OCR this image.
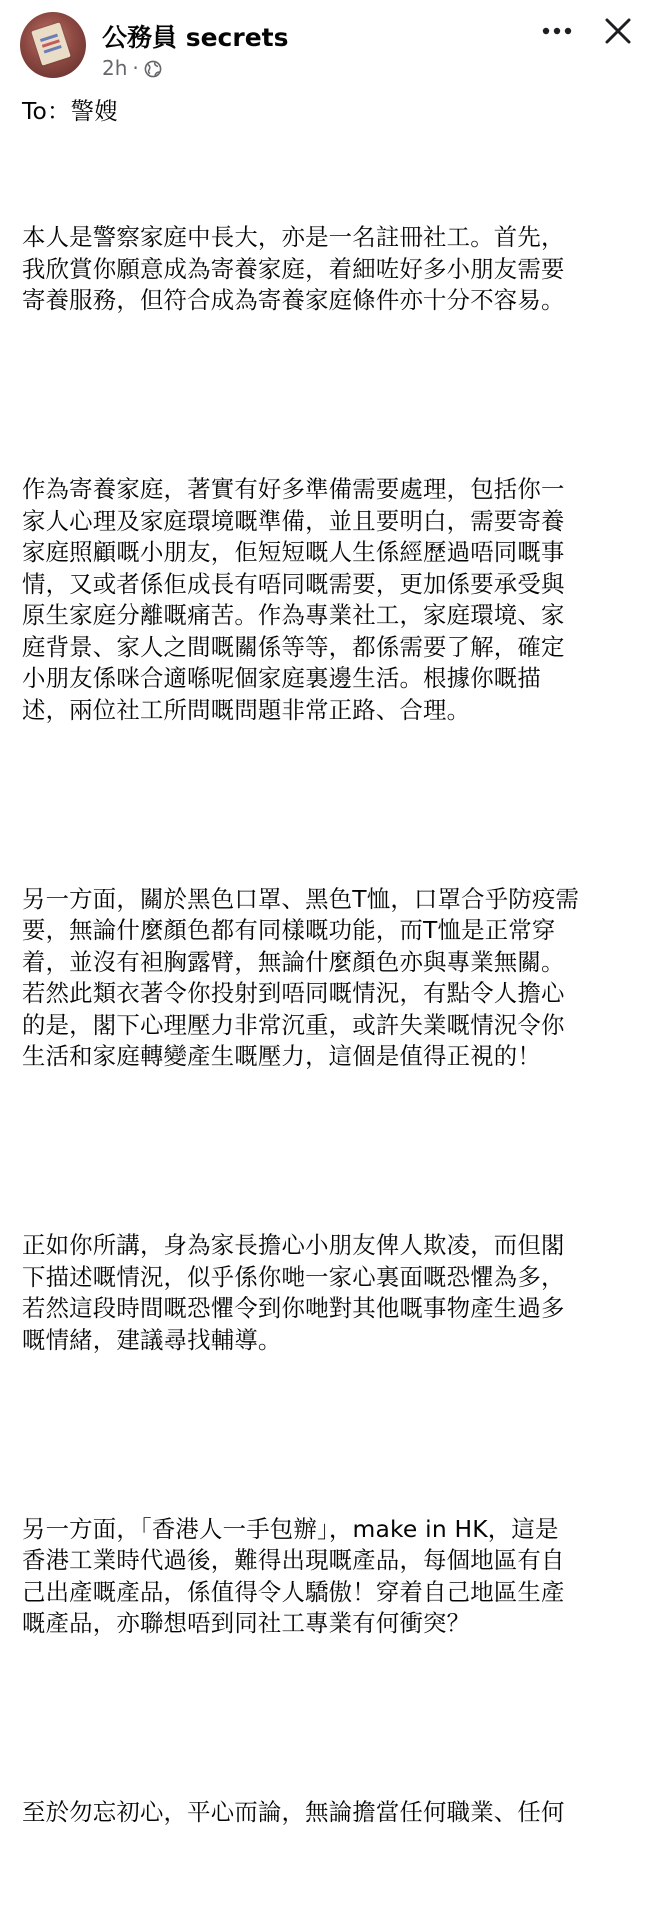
公務員 secrets
2h ·

To：警嫂

本人是警察家庭中長大，亦是一名註冊社工。首先，
我欣賞你願意成為寄養家庭，着細咗好多小朋友需要
寄養服務，但符合成為寄養家庭條件亦十分不容易。

作為寄養家庭，著實有好多準備需要處理，包括你一
家人心理及家庭環境嘅準備，並且要明白，需要寄養
家庭照顧嘅小朋友，佢短短嘅人生係經歷過唔同嘅事
情，又或者係佢成長有唔同嘅需要，更加係要承受與
原生家庭分離嘅痛苦。作為專業社工，家庭環境、家
庭背景、家人之間嘅關係等等，都係需要了解，確定
小朋友係咪合適喺呢個家庭裏邊生活。根據你嘅描
述，兩位社工所問嘅問題非常正路、合理。

另一方面，關於黑色口罩、黑色T恤，口罩合乎防疫需
要，無論什麼顏色都有同樣嘅功能，而T恤是正常穿
着，並沒有袒胸露臂，無論什麼顏色亦與專業無關。
若然此類衣著令你投射到唔同嘅情況，有點令人擔心
的是，閣下心理壓力非常沉重，或許失業嘅情況令你
生活和家庭轉變產生嘅壓力，這個是值得正視的！

正如你所講，身為家長擔心小朋友俾人欺凌，而但閣
下描述嘅情況，似乎係你哋一家心裏面嘅恐懼為多，
若然這段時間嘅恐懼令到你哋對其他嘅事物產生過多
嘅情緒，建議尋找輔導。

另一方面，「香港人一手包辦」，make in HK，這是
香港工業時代過後，難得出現嘅產品，每個地區有自
己出產嘅產品，係值得令人驕傲！穿着自己地區生產
嘅產品，亦聯想唔到同社工專業有何衝突？

至於勿忘初心，平心而論，無論擔當任何職業、任何
